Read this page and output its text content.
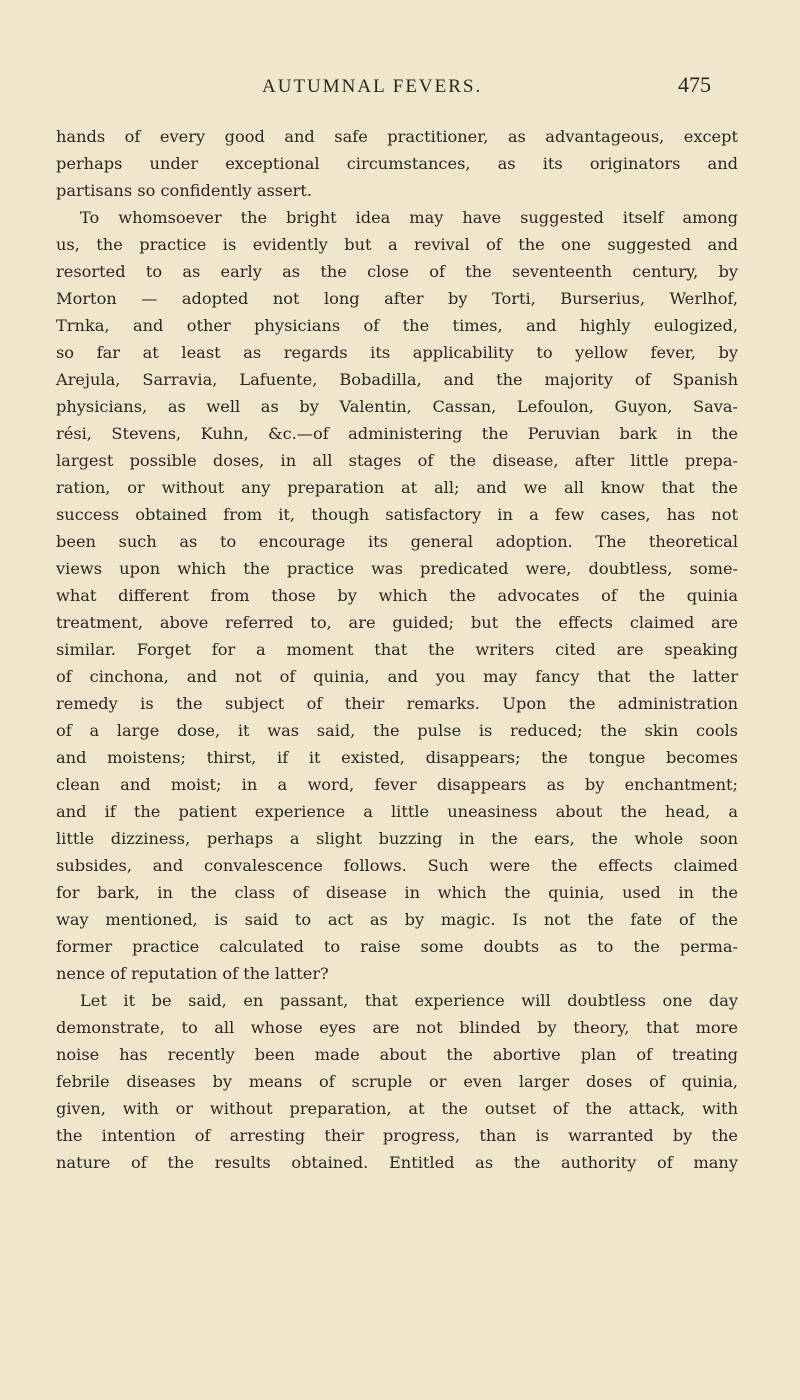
AUTUMNAL FEVERS.	475
hands of every good and safe practitioner, as advantageous, except
perhaps under exceptional circumstances, as its originators and
partisans so confidently assert.
To whomsoever the bright idea may have suggested itself among
us, the practice is evidently but a revival of the one suggested and
resorted to as early as the close of the seventeenth century, by
Morton — adopted not long after by Torti, Burserius, Werlhof,
Trnka, and other physicians of the times, and highly eulogized,
so far at least as regards its applicability to yellow fever, by
Arejula, Sarravia, Lafuente, Bobadilla, and the majority of Spanish
physicians, as well as by Valentin, Cassan, Lefoulon, Guyon, Sava-
rési, Stevens, Kuhn, &c.—of administering the Peruvian bark in the
largest possible doses, in all stages of the disease, after little prepa-
ration, or without any preparation at all; and we all know that the
success obtained from it, though satisfactory in a few cases, has not
been such as to encourage its general adoption. The theoretical
views upon which the practice was predicated were, doubtless, some-
what different from those by which the advocates of the quinia
treatment, above referred to, are guided; but the effects claimed are
similar. Forget for a moment that the writers cited are speaking
of cinchona, and not of quinia, and you may fancy that the latter
remedy is the subject of their remarks. Upon the administration
of a large dose, it was said, the pulse is reduced; the skin cools
and moistens; thirst, if it existed, disappears; the tongue becomes
clean and moist; in a word, fever disappears as by enchantment;
and if the patient experience a little uneasiness about the head, a
little dizziness, perhaps a slight buzzing in the ears, the whole soon
subsides, and convalescence follows. Such were the effects claimed
for bark, in the class of disease in which the quinia, used in the
way mentioned, is said to act as by magic. Is not the fate of the
former practice calculated to raise some doubts as to the perma-
nence of reputation of the latter?
Let it be said, en passant, that experience will doubtless one day
demonstrate, to all whose eyes are not blinded by theory, that more
noise has recently been made about the abortive plan of treating
febrile diseases by means of scruple or even larger doses of quinia,
given, with or without preparation, at the outset of the attack, with
the intention of arresting their progress, than is warranted by the
nature of the results obtained. Entitled as the authority of many
